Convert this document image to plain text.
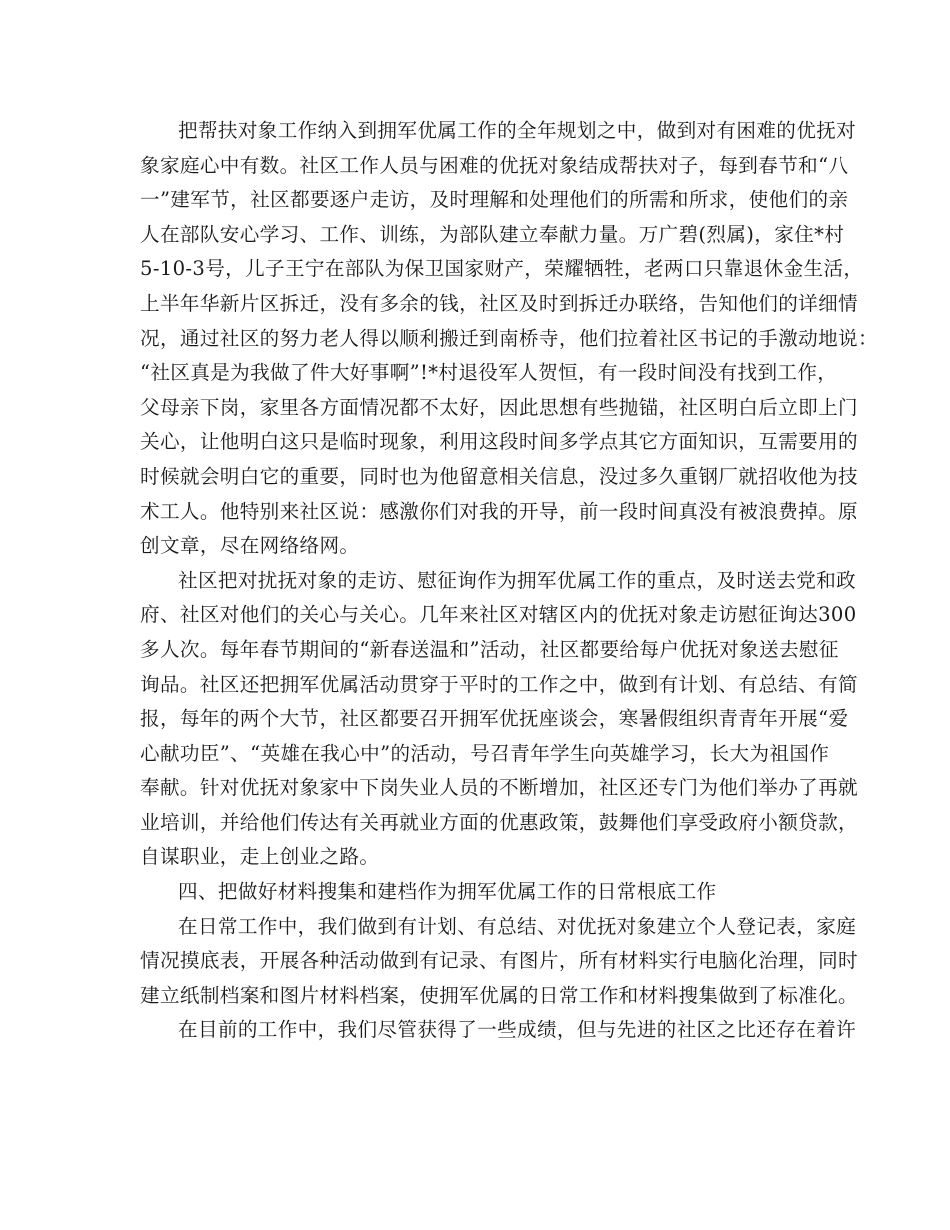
把帮扶对象工作纳入到拥军优属工作的全年规划之中，做到对有困难的优抚对
象家庭心中有数。社区工作人员与困难的优抚对象结成帮扶对子，每到春节和“八
一”建军节，社区都要逐户走访，及时理解和处理他们的所需和所求，使他们的亲
人在部队安心学习、工作、训练，为部队建立奉献力量。万广碧(烈属)，家住*村
5-10-3号，儿子王宁在部队为保卫国家财产，荣耀牺牲，老两口只靠退休金生活，
上半年华新片区拆迁，没有多余的钱，社区及时到拆迁办联络，告知他们的详细情
况，通过社区的努力老人得以顺利搬迁到南桥寺，他们拉着社区书记的手激动地说：
“社区真是为我做了件大好事啊”!*村退役军人贺恒，有一段时间没有找到工作，
父母亲下岗，家里各方面情况都不太好，因此思想有些抛锚，社区明白后立即上门
关心，让他明白这只是临时现象，利用这段时间多学点其它方面知识，互需要用的
时候就会明白它的重要，同时也为他留意相关信息，没过多久重钢厂就招收他为技
术工人。他特别来社区说：感激你们对我的开导，前一段时间真没有被浪费掉。原
创文章，尽在网络络网。
社区把对扰抚对象的走访、慰征询作为拥军优属工作的重点，及时送去党和政
府、社区对他们的关心与关心。几年来社区对辖区内的优抚对象走访慰征询达300
多人次。每年春节期间的“新春送温和”活动，社区都要给每户优抚对象送去慰征
询品。社区还把拥军优属活动贯穿于平时的工作之中，做到有计划、有总结、有简
报，每年的两个大节，社区都要召开拥军优抚座谈会，寒暑假组织青青年开展“爱
心献功臣”、“英雄在我心中”的活动，号召青年学生向英雄学习，长大为祖国作
奉献。针对优抚对象家中下岗失业人员的不断增加，社区还专门为他们举办了再就
业培训，并给他们传达有关再就业方面的优惠政策，鼓舞他们享受政府小额贷款，
自谋职业，走上创业之路。
四、把做好材料搜集和建档作为拥军优属工作的日常根底工作
在日常工作中，我们做到有计划、有总结、对优抚对象建立个人登记表，家庭
情况摸底表，开展各种活动做到有记录、有图片，所有材料实行电脑化治理，同时
建立纸制档案和图片材料档案，使拥军优属的日常工作和材料搜集做到了标准化。
在目前的工作中，我们尽管获得了一些成绩，但与先进的社区之比还存在着许
